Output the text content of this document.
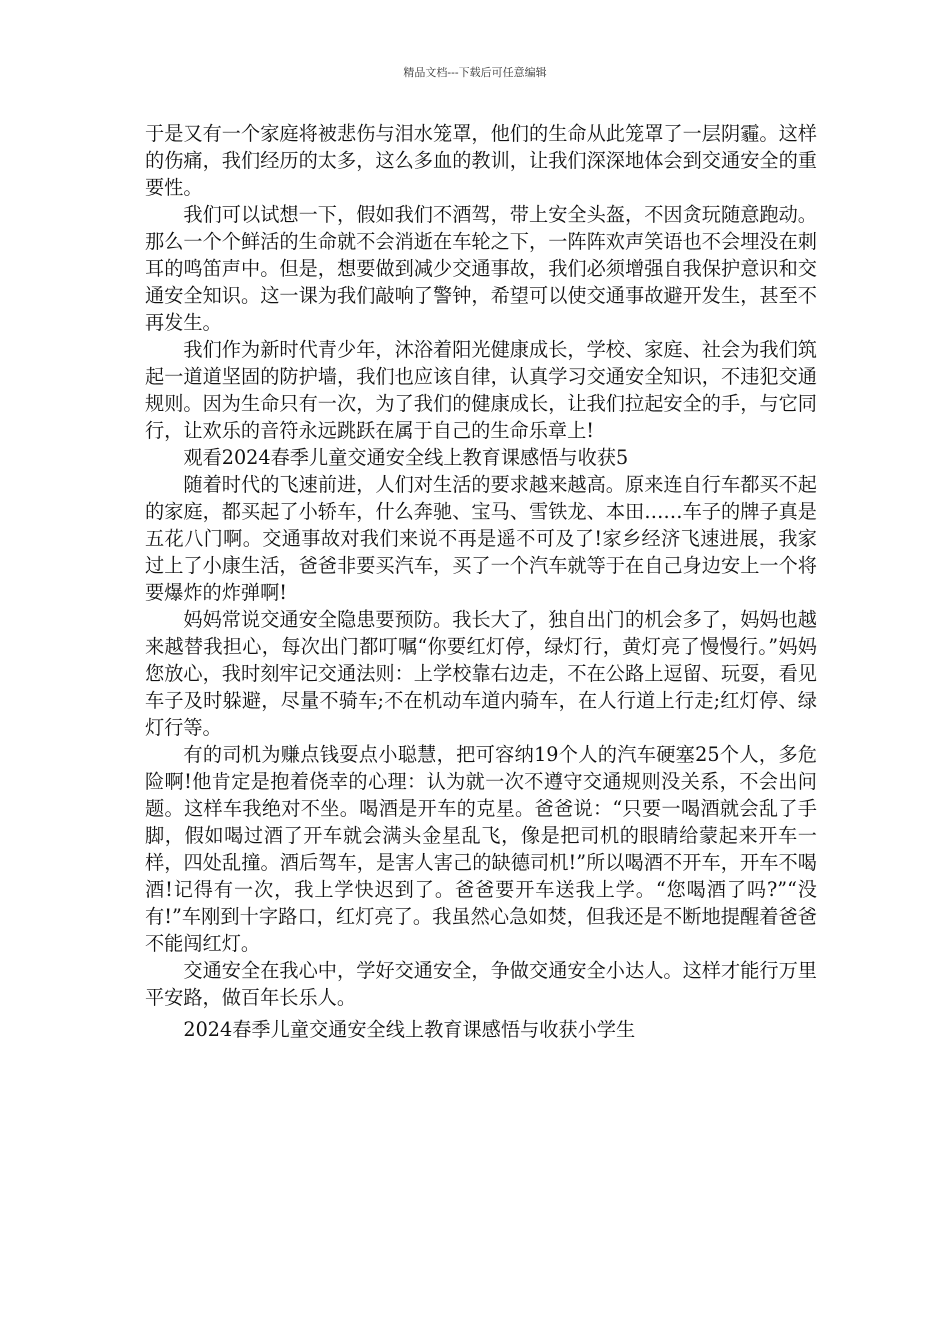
精品文档---下载后可任意编辑

于是又有一个家庭将被悲伤与泪水笼罩，他们的生命从此笼罩了一层阴霾。这样的伤痛，我们经历的太多，这么多血的教训，让我们深深地体会到交通安全的重要性。

我们可以试想一下，假如我们不酒驾，带上安全头盔，不因贪玩随意跑动。那么一个个鲜活的生命就不会消逝在车轮之下，一阵阵欢声笑语也不会埋没在刺耳的鸣笛声中。但是，想要做到减少交通事故，我们必须增强自我保护意识和交通安全知识。这一课为我们敲响了警钟，希望可以使交通事故避开发生，甚至不再发生。

我们作为新时代青少年，沐浴着阳光健康成长，学校、家庭、社会为我们筑起一道道坚固的防护墙，我们也应该自律，认真学习交通安全知识，不违犯交通规则。因为生命只有一次，为了我们的健康成长，让我们拉起安全的手，与它同行，让欢乐的音符永远跳跃在属于自己的生命乐章上!

观看2024春季儿童交通安全线上教育课感悟与收获5

随着时代的飞速前进，人们对生活的要求越来越高。原来连自行车都买不起的家庭，都买起了小轿车，什么奔驰、宝马、雪铁龙、本田……车子的牌子真是五花八门啊。交通事故对我们来说不再是遥不可及了!家乡经济飞速进展，我家过上了小康生活，爸爸非要买汽车，买了一个汽车就等于在自己身边安上一个将要爆炸的炸弹啊!

妈妈常说交通安全隐患要预防。我长大了，独自出门的机会多了，妈妈也越来越替我担心，每次出门都叮嘱“你要红灯停，绿灯行，黄灯亮了慢慢行。”妈妈您放心，我时刻牢记交通法则：上学校靠右边走，不在公路上逗留、玩耍，看见车子及时躲避，尽量不骑车;不在机动车道内骑车，在人行道上行走;红灯停、绿灯行等。

有的司机为赚点钱耍点小聪慧，把可容纳19个人的汽车硬塞25个人，多危险啊!他肯定是抱着侥幸的心理：认为就一次不遵守交通规则没关系，不会出问题。这样车我绝对不坐。喝酒是开车的克星。爸爸说：“只要一喝酒就会乱了手脚，假如喝过酒了开车就会满头金星乱飞，像是把司机的眼睛给蒙起来开车一样，四处乱撞。酒后驾车，是害人害己的缺德司机!”所以喝酒不开车，开车不喝酒!记得有一次，我上学快迟到了。爸爸要开车送我上学。“您喝酒了吗?”“没有!”车刚到十字路口，红灯亮了。我虽然心急如焚，但我还是不断地提醒着爸爸不能闯红灯。

交通安全在我心中，学好交通安全，争做交通安全小达人。这样才能行万里平安路，做百年长乐人。

2024春季儿童交通安全线上教育课感悟与收获小学生
